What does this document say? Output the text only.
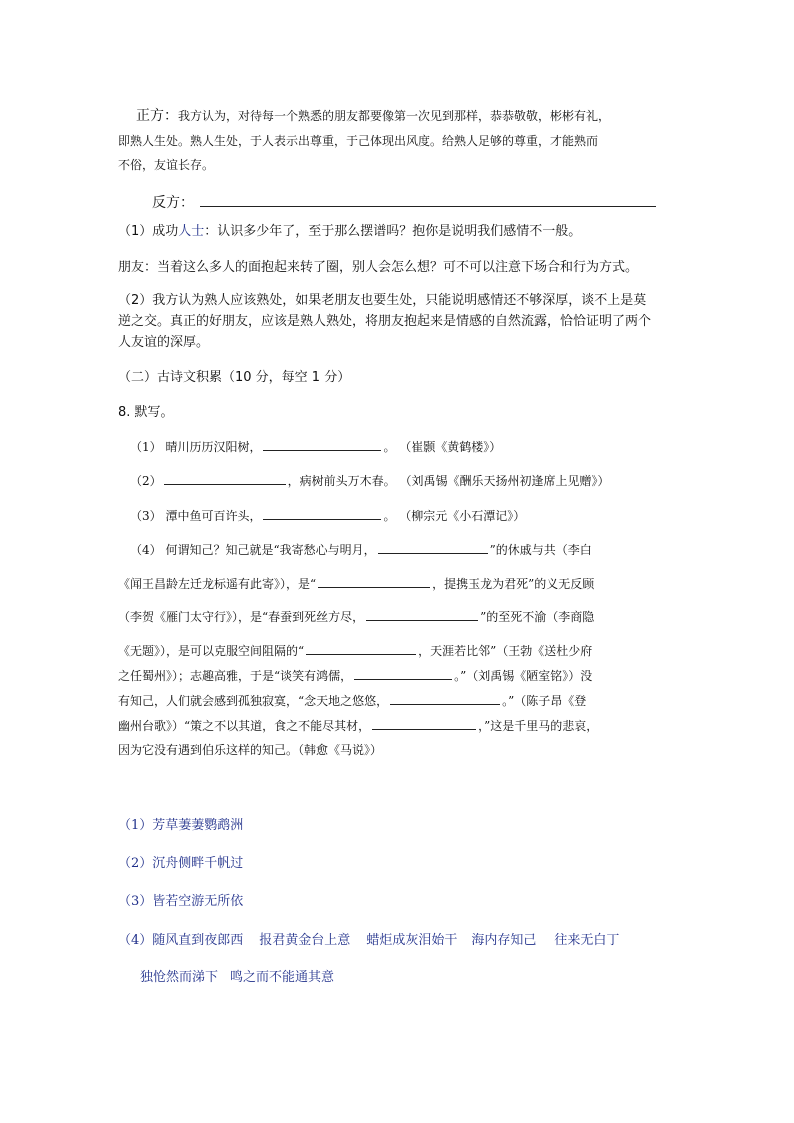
正方：我方认为，对待每一个熟悉的朋友都要像第一次见到那样，恭恭敬敬，彬彬有礼，
即熟人生处。熟人生处，于人表示出尊重，于己体现出风度。给熟人足够的尊重，才能熟而
不俗，友谊长存。
反方：
（1）成功人士：认识多少年了，至于那么摆谱吗？抱你是说明我们感情不一般。
朋友：当着这么多人的面抱起来转了圈，别人会怎么想？可不可以注意下场合和行为方式。
（2）我方认为熟人应该熟处，如果老朋友也要生处，只能说明感情还不够深厚，谈不上是莫
逆之交。真正的好朋友，应该是熟人熟处，将朋友抱起来是情感的自然流露，恰恰证明了两个
人友谊的深厚。
（二）古诗文积累（10 分，每空 1 分）
8. 默写。
（1） 晴川历历汉阳树，	。 （崔颢《黄鹤楼》）
（2）	，病树前头万木春。 （刘禹锡《酬乐天扬州初逢席上见赠》）
（3） 潭中鱼可百许头，	。 （柳宗元《小石潭记》）
（4） 何谓知己？知己就是“我寄愁心与明月，	”的休戚与共（李白
《闻王昌龄左迁龙标遥有此寄》），是“	，提携玉龙为君死”的义无反顾
（李贺《雁门太守行》），是“春蚕到死丝方尽，	”的至死不渝（李商隐
《无题》），是可以克服空间阻隔的“	，天涯若比邻”（王勃《送杜少府
之任蜀州》）；志趣高雅，于是“谈笑有鸿儒，	。”（刘禹锡《陋室铭》）没
有知己，人们就会感到孤独寂寞，“念天地之悠悠，	。”（陈子昂《登
幽州台歌》）“策之不以其道，食之不能尽其材，	，”这是千里马的悲哀，
因为它没有遇到伯乐这样的知己。（韩愈《马说》）
（1）芳草萋萋鹦鹉洲
（2）沉舟侧畔千帆过
（3）皆若空游无所依
（4）随风直到夜郎西 报君黄金台上意 蜡炬成灰泪始干 海内存知己 往来无白丁
独怆然而涕下 鸣之而不能通其意
